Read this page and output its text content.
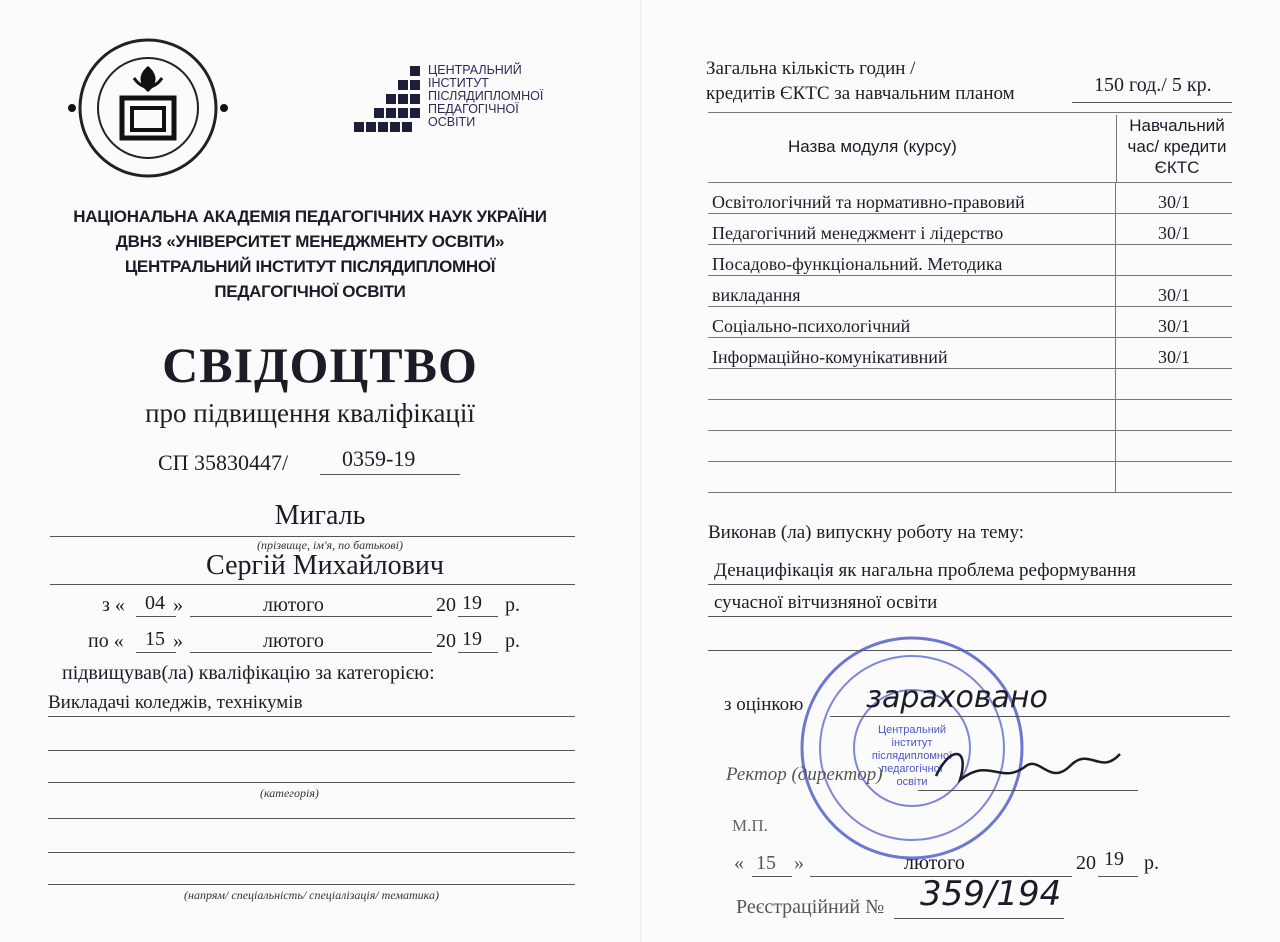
ЦЕНТРАЛЬНИЙ
ІНСТИТУТ
ПІСЛЯДИПЛОМНОЇ
ПЕДАГОГІЧНОЇ
ОСВІТИ
НАЦІОНАЛЬНА АКАДЕМІЯ ПЕДАГОГІЧНИХ НАУК УКРАЇНИ
ДВНЗ «УНІВЕРСИТЕТ МЕНЕДЖМЕНТУ ОСВІТИ»
ЦЕНТРАЛЬНИЙ ІНСТИТУТ ПІСЛЯДИПЛОМНОЇ
ПЕДАГОГІЧНОЇ ОСВІТИ
СВІДОЦТВО
про підвищення кваліфікації
СП 35830447/ 0359-19
Мигаль
(прізвище, ім'я, по батькові)
Сергій Михайлович
з « 04 »	лютого	20 19 р.
по « 15 »	лютого	20 19 р.
підвищував(ла) кваліфікацію за категорією:
Викладачі коледжів, технікумів
(категорія)
(напрям/ спеціальність/ спеціалізація/ тематика)
Загальна кількість годин /
кредитів ЄКТС за навчальним планом	150 год./ 5 кр.
Назва модуля (курсу)
Навчальний час/ кредити ЄКТС
Освітологічний та нормативно-правовий	30/1
Педагогічний менеджмент і лідерство	30/1
Посадово-функціональний. Методика	
викладання	30/1
Соціально-психологічний	30/1
Інформаційно-комунікативний	30/1

Виконав (ла) випускну роботу на тему:
Денацифікація як нагальна проблема реформування
сучасної вітчизняної освіти
Центральний
інститут
післядипломної
педагогічної
освіти
з оцінкою зараховано
Ректор (директор)
М.П.
« 15 »	лютого	20 19 р.
Реєстраційний № 359/194
